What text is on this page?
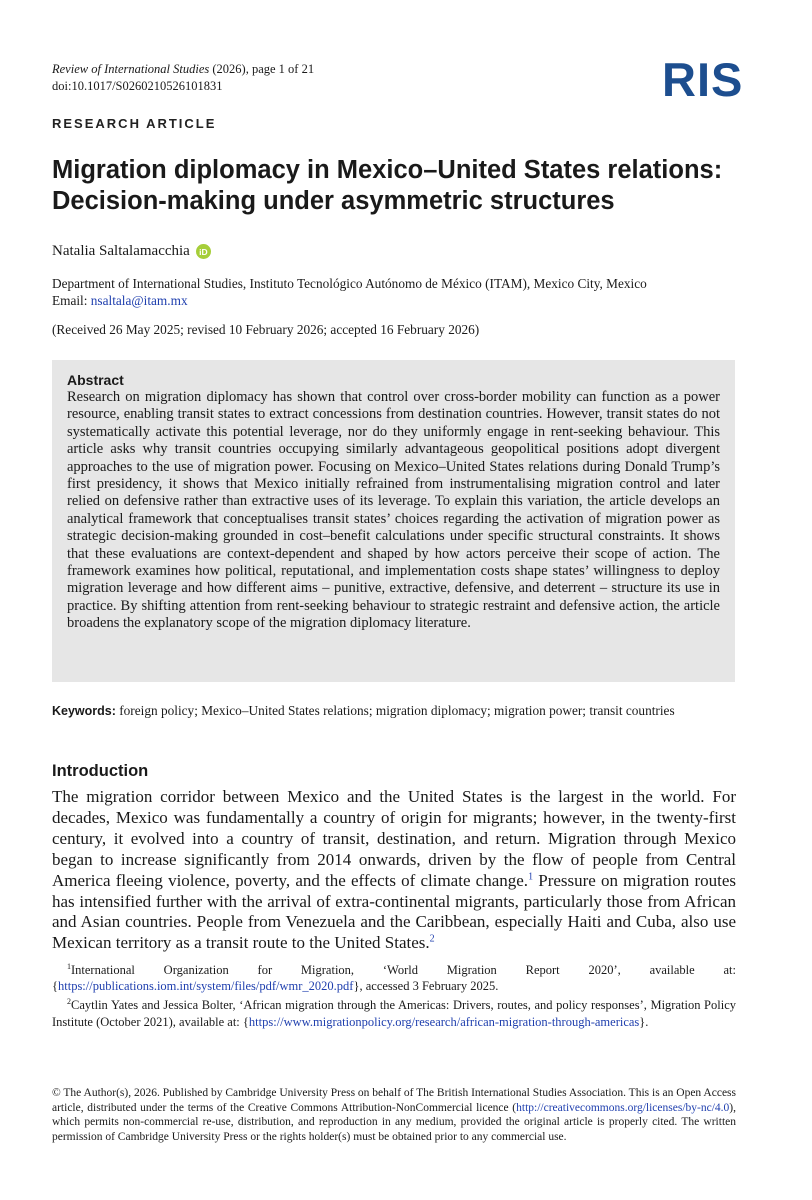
Review of International Studies (2026), page 1 of 21
doi:10.1017/S0260210526101831	RIS
RESEARCH ARTICLE
Migration diplomacy in Mexico–United States relations:
Decision-making under asymmetric structures
Natalia Saltalamacchia	iD
Department of International Studies, Instituto Tecnológico Autónomo de México (ITAM), Mexico City, Mexico
Email: nsaltala@itam.mx
(Received 26 May 2025; revised 10 February 2026; accepted 16 February 2026)
Abstract
Research on migration diplomacy has shown that control over cross-border mobility can function as a power resource, enabling transit states to extract concessions from destination countries. However, transit states do not systematically activate this potential leverage, nor do they uniformly engage in rent-seeking behaviour. This article asks why transit countries occupying similarly advantageous geopolitical positions adopt divergent approaches to the use of migration power. Focusing on Mexico–United States relations during Donald Trump’s first presidency, it shows that Mexico initially refrained from instrumentalising migration control and later relied on defensive rather than extractive uses of its leverage. To explain this variation, the article develops an analytical framework that conceptualises transit states’ choices regarding the activation of migration power as strategic decision-making grounded in cost–benefit calculations under specific structural constraints. It shows that these evaluations are context-dependent and shaped by how actors perceive their scope of action. The framework examines how political, reputational, and implementation costs shape states’ willingness to deploy migration leverage and how different aims – punitive, extractive, defensive, and deterrent – structure its use in practice. By shifting attention from rent-seeking behaviour to strategic restraint and defensive action, the article broadens the explanatory scope of the migration diplomacy literature.
Keywords: foreign policy; Mexico–United States relations; migration diplomacy; migration power; transit countries
Introduction
The migration corridor between Mexico and the United States is the largest in the world. For decades, Mexico was fundamentally a country of origin for migrants; however, in the twenty-first century, it evolved into a country of transit, destination, and return. Migration through Mexico began to increase significantly from 2014 onwards, driven by the flow of people from Central America fleeing violence, poverty, and the effects of climate change.$^1$ Pressure on migration routes has intensified further with the arrival of extra-continental migrants, particularly those from African and Asian countries. People from Venezuela and the Caribbean, especially Haiti and Cuba, also use Mexican territory as a transit route to the United States.$^2$
$^1$International Organization for Migration, ‘World Migration Report 2020’, available at: {https://publications.iom.int/system/files/pdf/wmr_2020.pdf}, accessed 3 February 2025.
$^2$Caytlin Yates and Jessica Bolter, ‘African migration through the Americas: Drivers, routes, and policy responses’, Migration Policy Institute (October 2021), available at: {https://www.migrationpolicy.org/research/african-migration-through-americas}.
© The Author(s), 2026. Published by Cambridge University Press on behalf of The British International Studies Association. This is an Open Access article, distributed under the terms of the Creative Commons Attribution-NonCommercial licence (http://creativecommons.org/licenses/by-nc/4.0), which permits non-commercial re-use, distribution, and reproduction in any medium, provided the original article is properly cited. The written permission of Cambridge University Press or the rights holder(s) must be obtained prior to any commercial use.
